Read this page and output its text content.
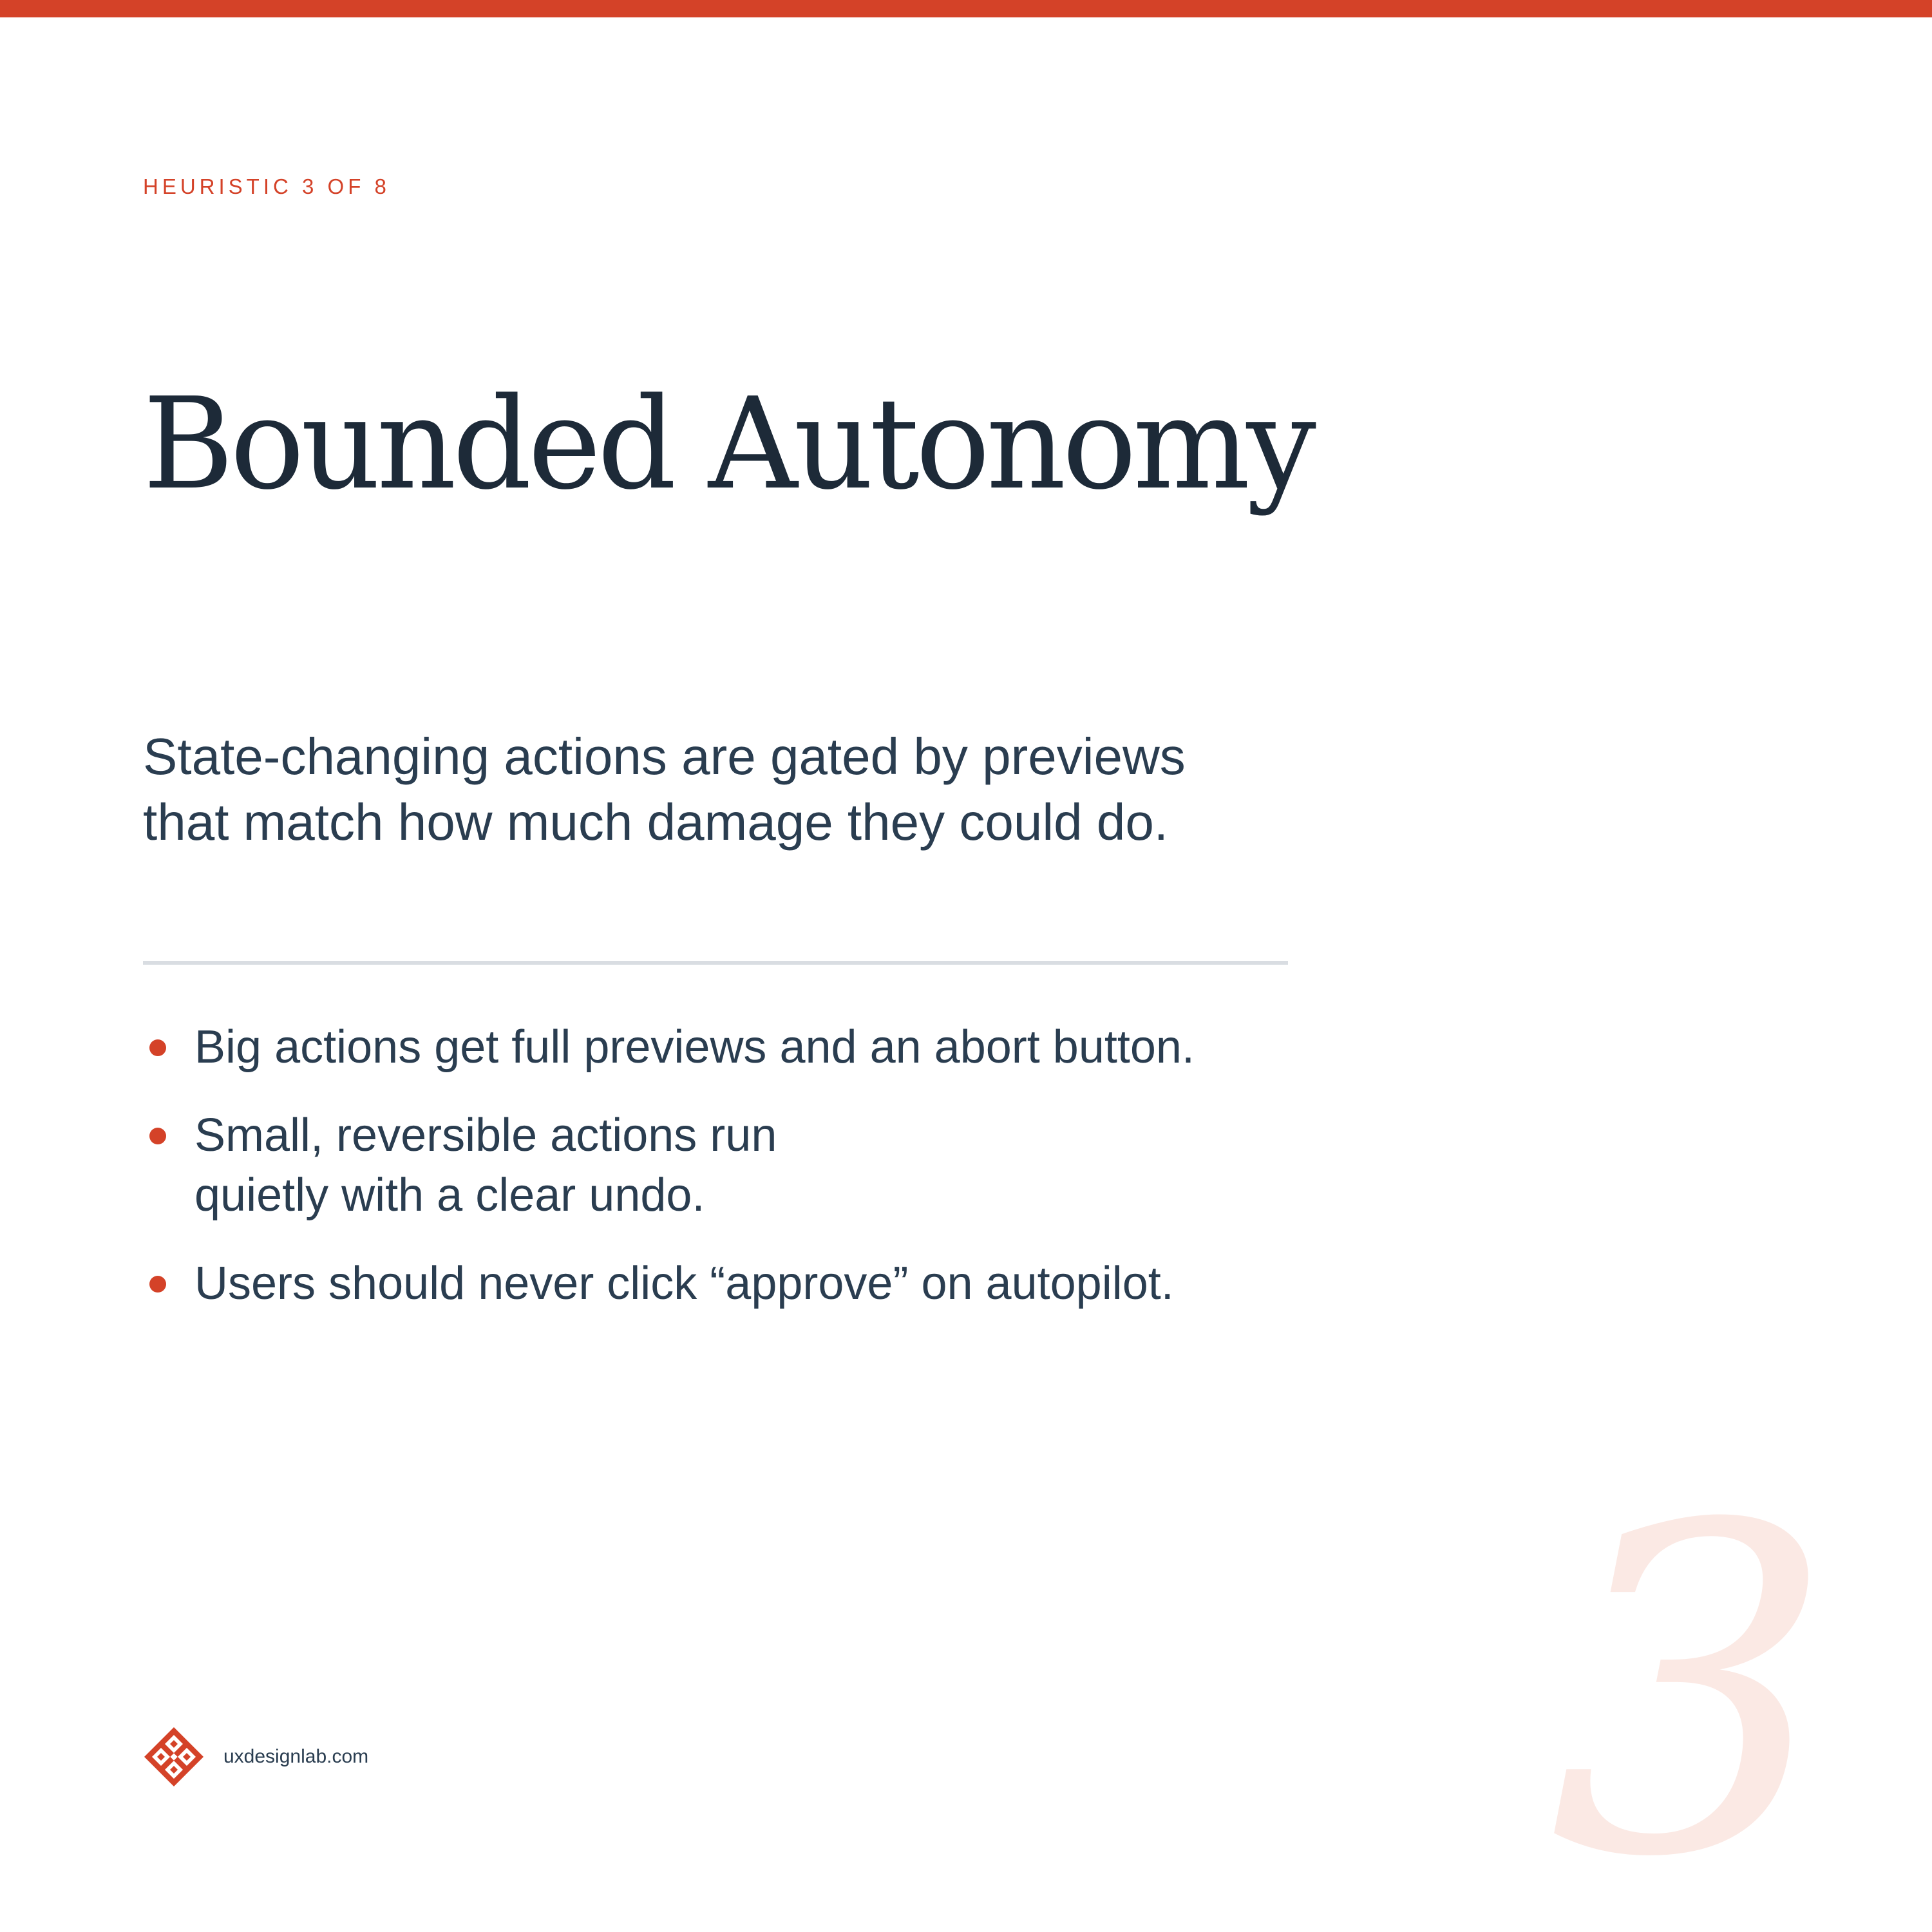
HEURISTIC 3 OF 8
Bounded Autonomy

State-changing actions are gated by previews
that match how much damage they could do.

Big actions get full previews and an abort button.
Small, reversible actions run
quietly with a clear undo.
Users should never click “approve” on autopilot.
uxdesignlab.com	3
